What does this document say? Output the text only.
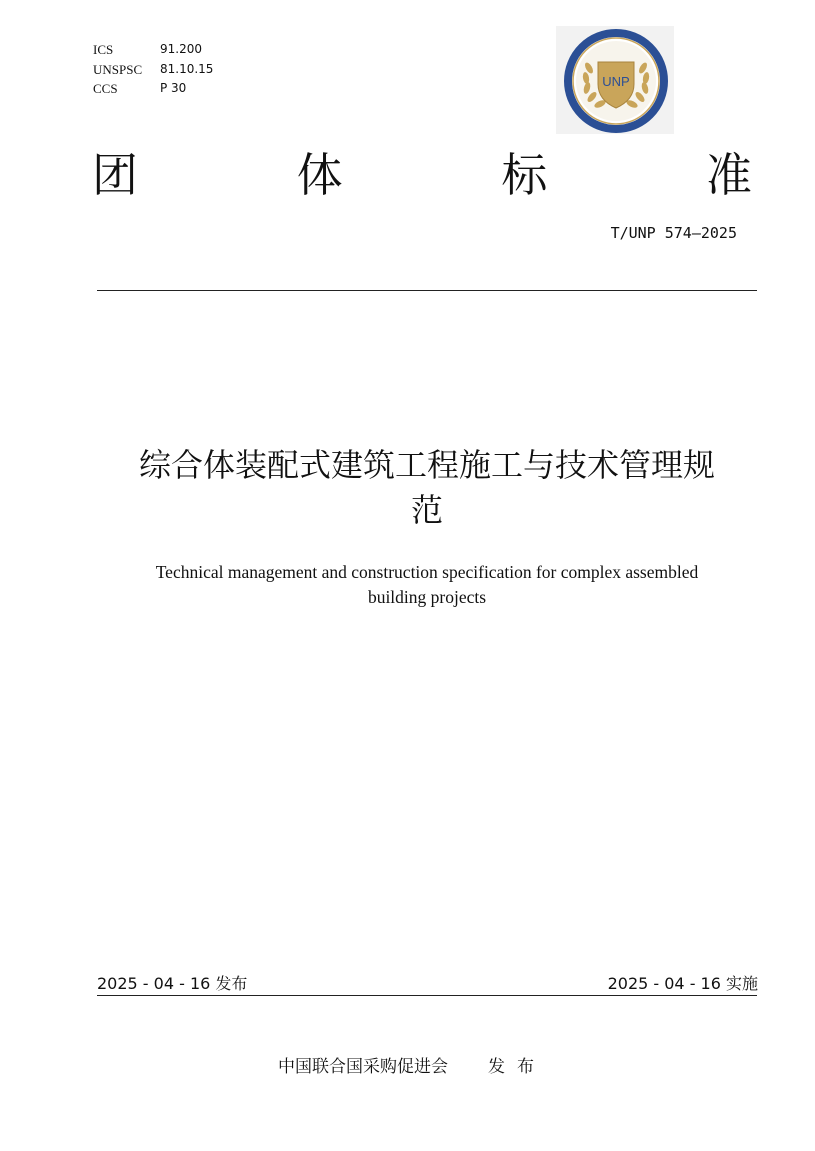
ICS	91.200
UNSPSC	81.10.15
CCS	P 30	UNP
团	体	标	准
T/UNP 574—2025
综合体装配式建筑工程施工与技术管理规
范
Technical management and construction specification for complex assembled
building projects
2025 - 04 - 16 发布	2025 - 04 - 16 实施
中国联合国采购促进会 发布
